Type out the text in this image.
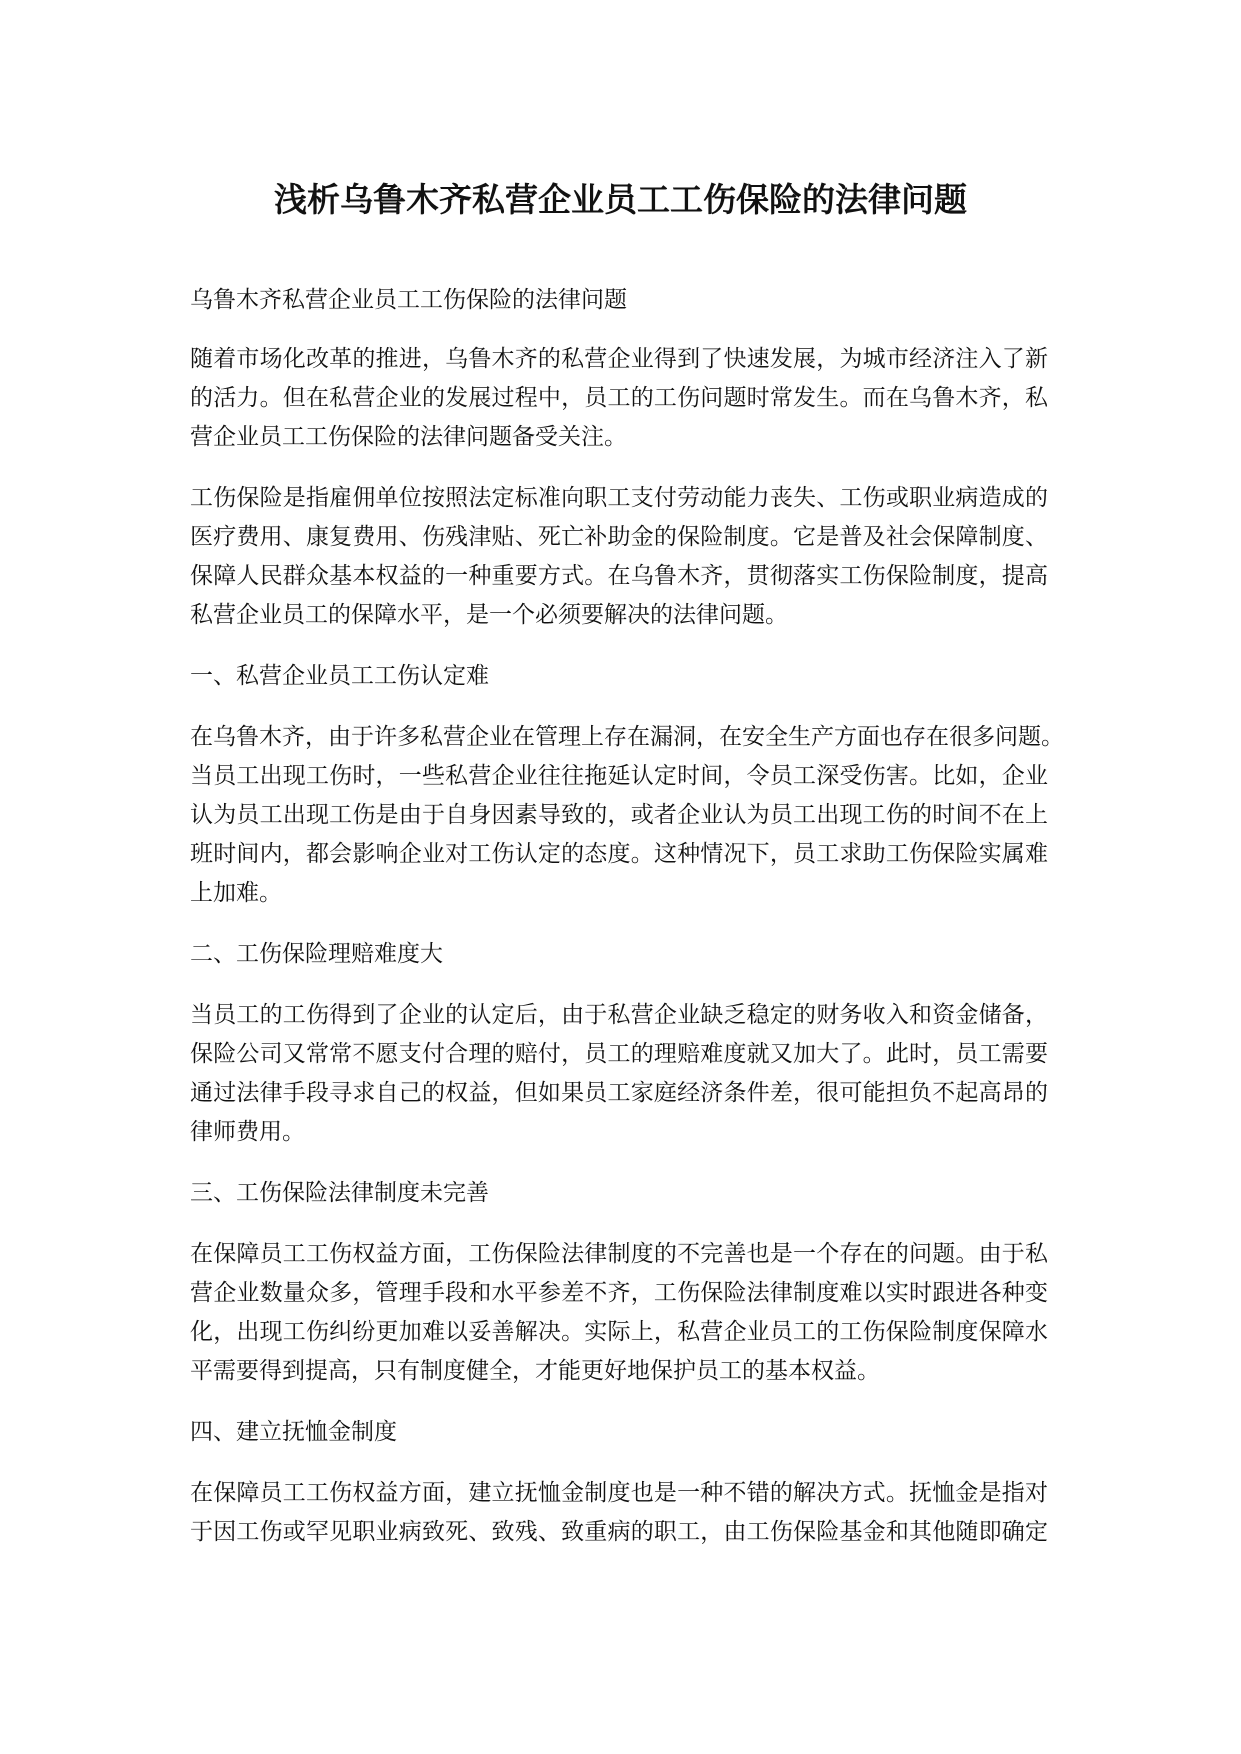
浅析乌鲁木齐私营企业员工工伤保险的法律问题

乌鲁木齐私营企业员工工伤保险的法律问题

随着市场化改革的推进，乌鲁木齐的私营企业得到了快速发展，为城市经济注入了新

的活力。但在私营企业的发展过程中，员工的工伤问题时常发生。而在乌鲁木齐，私

营企业员工工伤保险的法律问题备受关注。

工伤保险是指雇佣单位按照法定标准向职工支付劳动能力丧失、工伤或职业病造成的

医疗费用、康复费用、伤残津贴、死亡补助金的保险制度。它是普及社会保障制度、

保障人民群众基本权益的一种重要方式。在乌鲁木齐，贯彻落实工伤保险制度，提高

私营企业员工的保障水平，是一个必须要解决的法律问题。

一、私营企业员工工伤认定难

在乌鲁木齐，由于许多私营企业在管理上存在漏洞，在安全生产方面也存在很多问题。

当员工出现工伤时，一些私营企业往往拖延认定时间，令员工深受伤害。比如，企业

认为员工出现工伤是由于自身因素导致的，或者企业认为员工出现工伤的时间不在上

班时间内，都会影响企业对工伤认定的态度。这种情况下，员工求助工伤保险实属难

上加难。

二、工伤保险理赔难度大

当员工的工伤得到了企业的认定后，由于私营企业缺乏稳定的财务收入和资金储备，

保险公司又常常不愿支付合理的赔付，员工的理赔难度就又加大了。此时，员工需要

通过法律手段寻求自己的权益，但如果员工家庭经济条件差，很可能担负不起高昂的

律师费用。

三、工伤保险法律制度未完善

在保障员工工伤权益方面，工伤保险法律制度的不完善也是一个存在的问题。由于私

营企业数量众多，管理手段和水平参差不齐，工伤保险法律制度难以实时跟进各种变

化，出现工伤纠纷更加难以妥善解决。实际上，私营企业员工的工伤保险制度保障水

平需要得到提高，只有制度健全，才能更好地保护员工的基本权益。

四、建立抚恤金制度

在保障员工工伤权益方面，建立抚恤金制度也是一种不错的解决方式。抚恤金是指对

于因工伤或罕见职业病致死、致残、致重病的职工，由工伤保险基金和其他随即确定
